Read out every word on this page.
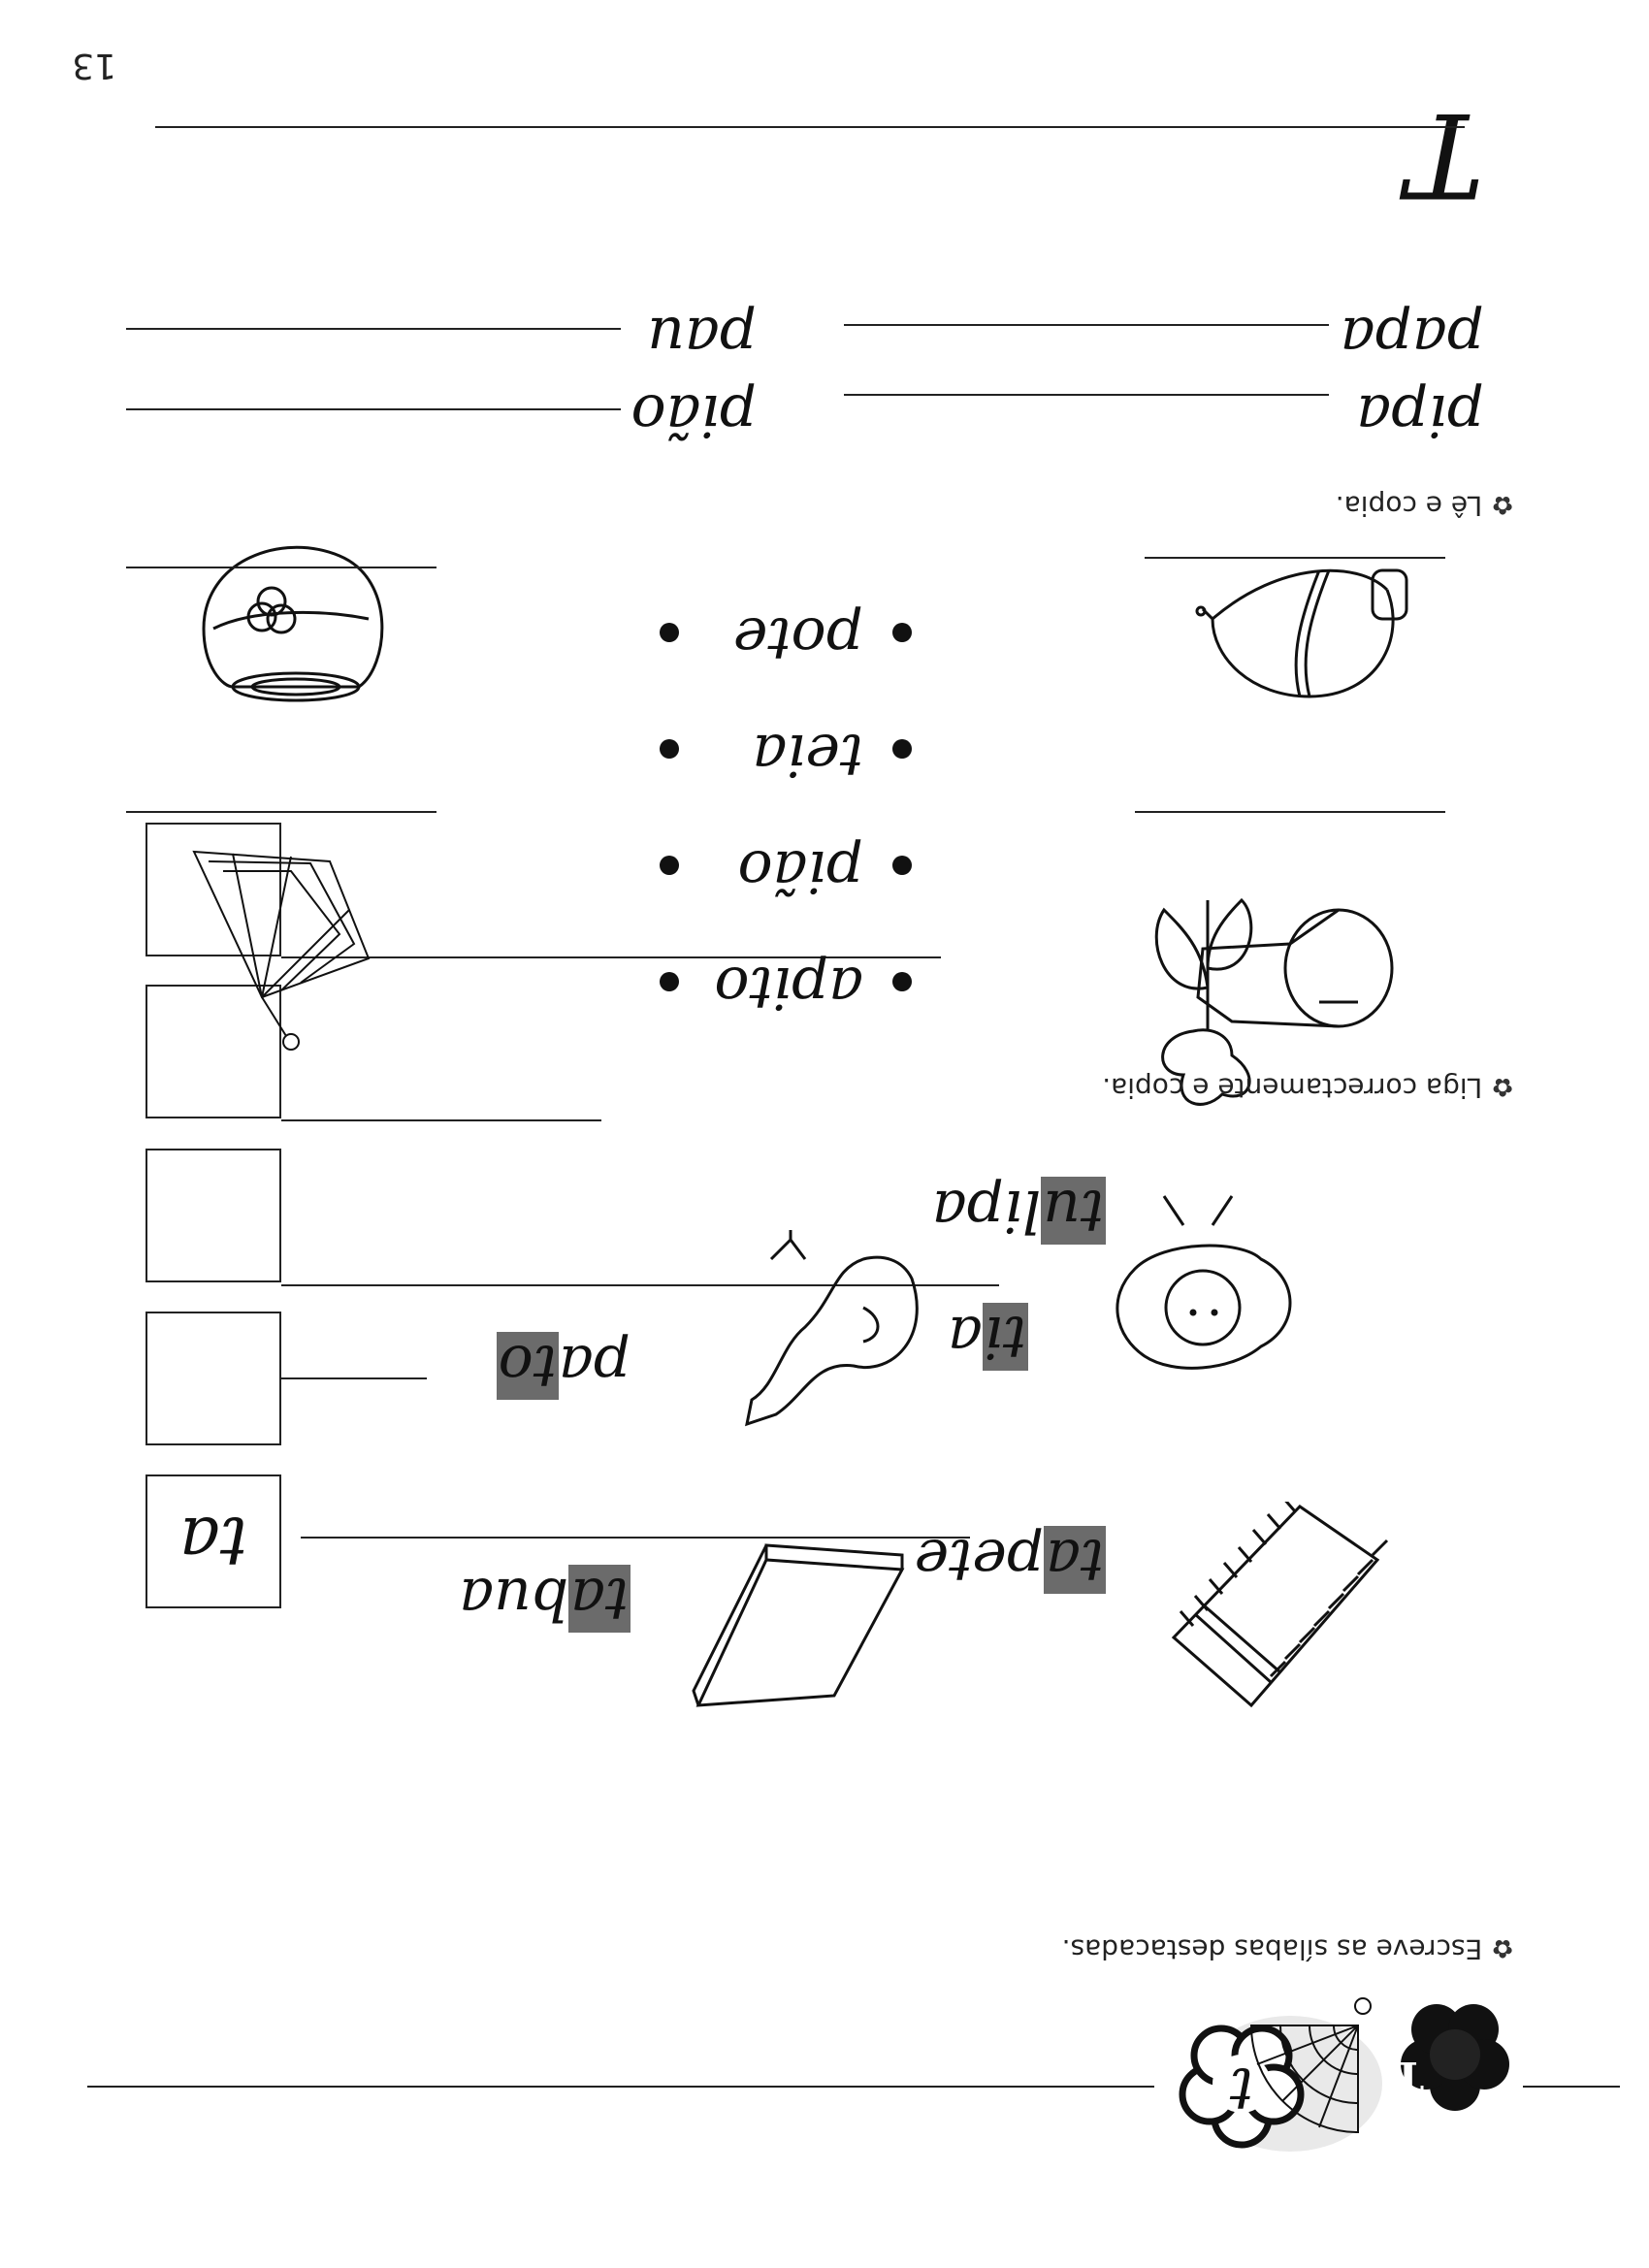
T
t
✿Escreve as sílabas destacadas.
tapete
ta
tabua
tia
pato
tulipa
✿Liga correctamente e copia.
apito
pião
teia
pote
✿Lê e copia.
pipa
papa
pião
pau
T
13
